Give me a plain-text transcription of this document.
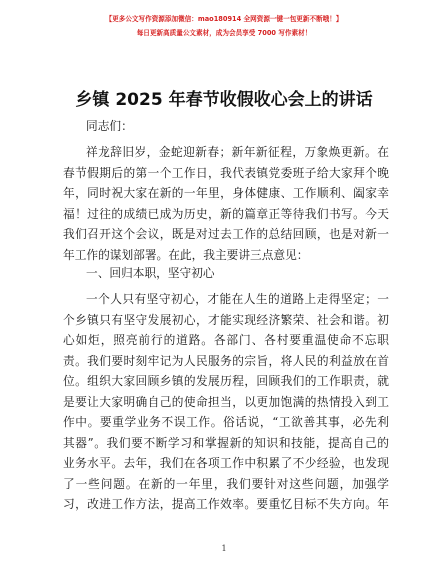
【更多公文写作资源添加微信：mao180914 全网资源一键一包更新不断哦！】
每日更新高质量公文素材，成为会员享受 7000 写作素材！
乡镇 2025 年春节收假收心会上的讲话
同志们：
祥龙辞旧岁，金蛇迎新春；新年新征程，万象焕更新。在
春节假期后的第一个工作日，我代表镇党委班子给大家拜个晚
年，同时祝大家在新的一年里，身体健康、工作顺利、阖家幸
福！过往的成绩已成为历史，新的篇章正等待我们书写。今天
我们召开这个会议，既是对过去工作的总结回顾，也是对新一
年工作的谋划部署。在此，我主要讲三点意见：
一、回归本职，坚守初心
一个人只有坚守初心，才能在人生的道路上走得坚定；一
个乡镇只有坚守发展初心，才能实现经济繁荣、社会和谐。初
心如炬，照亮前行的道路。各部门、各村要重温使命不忘职
责。我们要时刻牢记为人民服务的宗旨，将人民的利益放在首
位。组织大家回顾乡镇的发展历程，回顾我们的工作职责，就
是要让大家明确自己的使命担当，以更加饱满的热情投入到工
作中。要重学业务不误工作。俗话说，“工欲善其事，必先利
其器”。我们要不断学习和掌握新的知识和技能，提高自己的
业务水平。去年，我们在各项工作中积累了不少经验，也发现
了一些问题。在新的一年里，我们要针对这些问题，加强学
习，改进工作方法，提高工作效率。要重忆目标不失方向。年
1
